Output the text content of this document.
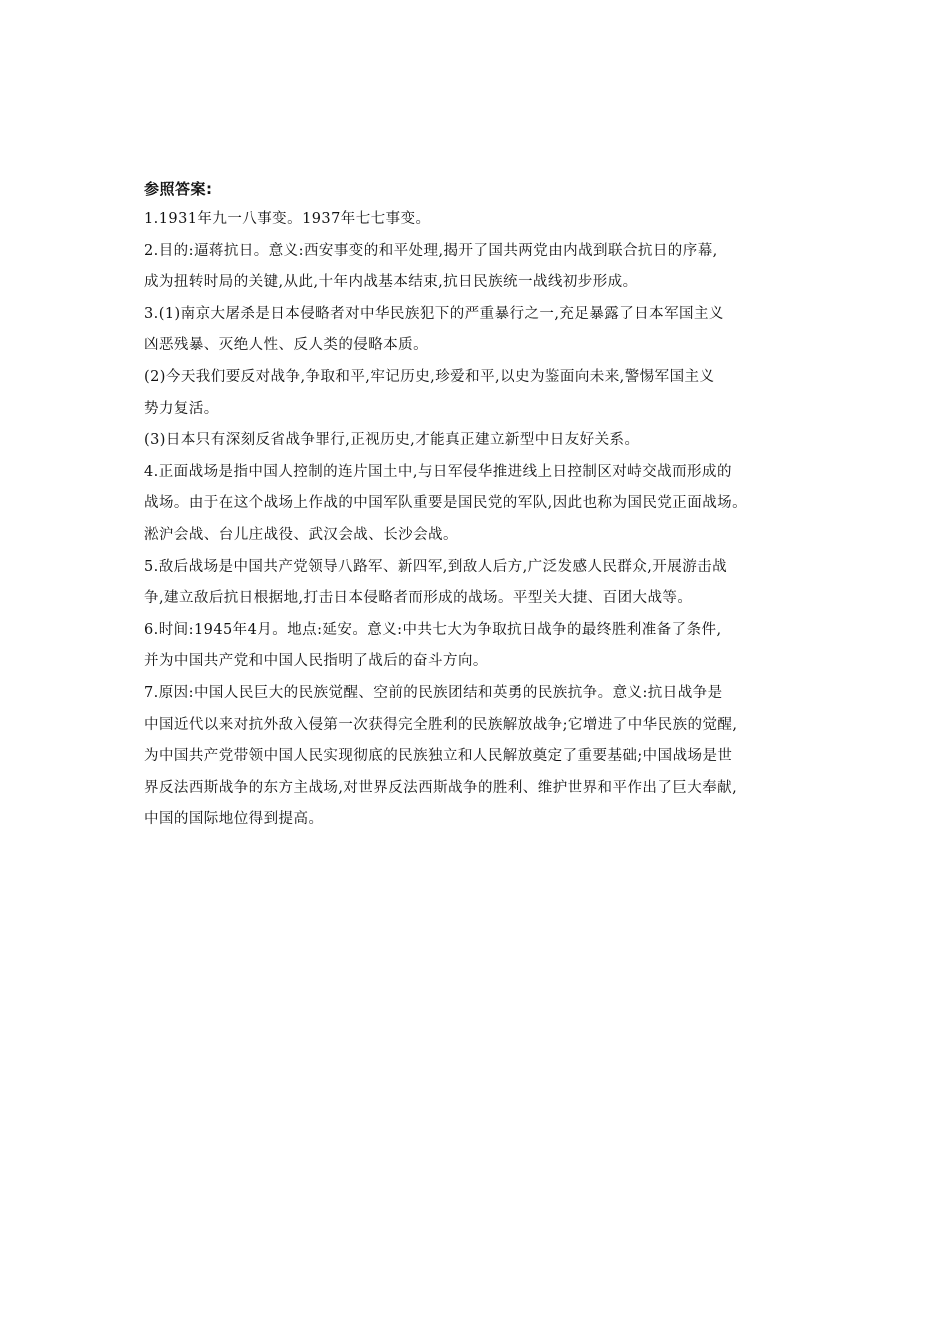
参照答案:
1.1931年九一八事变。1937年七七事变。
2.目的:逼蒋抗日。意义:西安事变的和平处理,揭开了国共两党由内战到联合抗日的序幕,
成为扭转时局的关键,从此,十年内战基本结束,抗日民族统一战线初步形成。
3.(1)南京大屠杀是日本侵略者对中华民族犯下的严重暴行之一,充足暴露了日本军国主义
凶恶残暴、灭绝人性、反人类的侵略本质。
(2)今天我们要反对战争,争取和平,牢记历史,珍爱和平,以史为鉴面向未来,警惕军国主义
势力复活。
(3)日本只有深刻反省战争罪行,正视历史,才能真正建立新型中日友好关系。
4.正面战场是指中国人控制的连片国土中,与日军侵华推进线上日控制区对峙交战而形成的
战场。由于在这个战场上作战的中国军队重要是国民党的军队,因此也称为国民党正面战场。
淞沪会战、台儿庄战役、武汉会战、长沙会战。
5.敌后战场是中国共产党领导八路军、新四军,到敌人后方,广泛发感人民群众,开展游击战
争,建立敌后抗日根据地,打击日本侵略者而形成的战场。平型关大捷、百团大战等。
6.时间:1945年4月。地点:延安。意义:中共七大为争取抗日战争的最终胜利准备了条件,
并为中国共产党和中国人民指明了战后的奋斗方向。
7.原因:中国人民巨大的民族觉醒、空前的民族团结和英勇的民族抗争。意义:抗日战争是
中国近代以来对抗外敌入侵第一次获得完全胜利的民族解放战争;它增进了中华民族的觉醒,
为中国共产党带领中国人民实现彻底的民族独立和人民解放奠定了重要基础;中国战场是世
界反法西斯战争的东方主战场,对世界反法西斯战争的胜利、维护世界和平作出了巨大奉献,
中国的国际地位得到提高。
